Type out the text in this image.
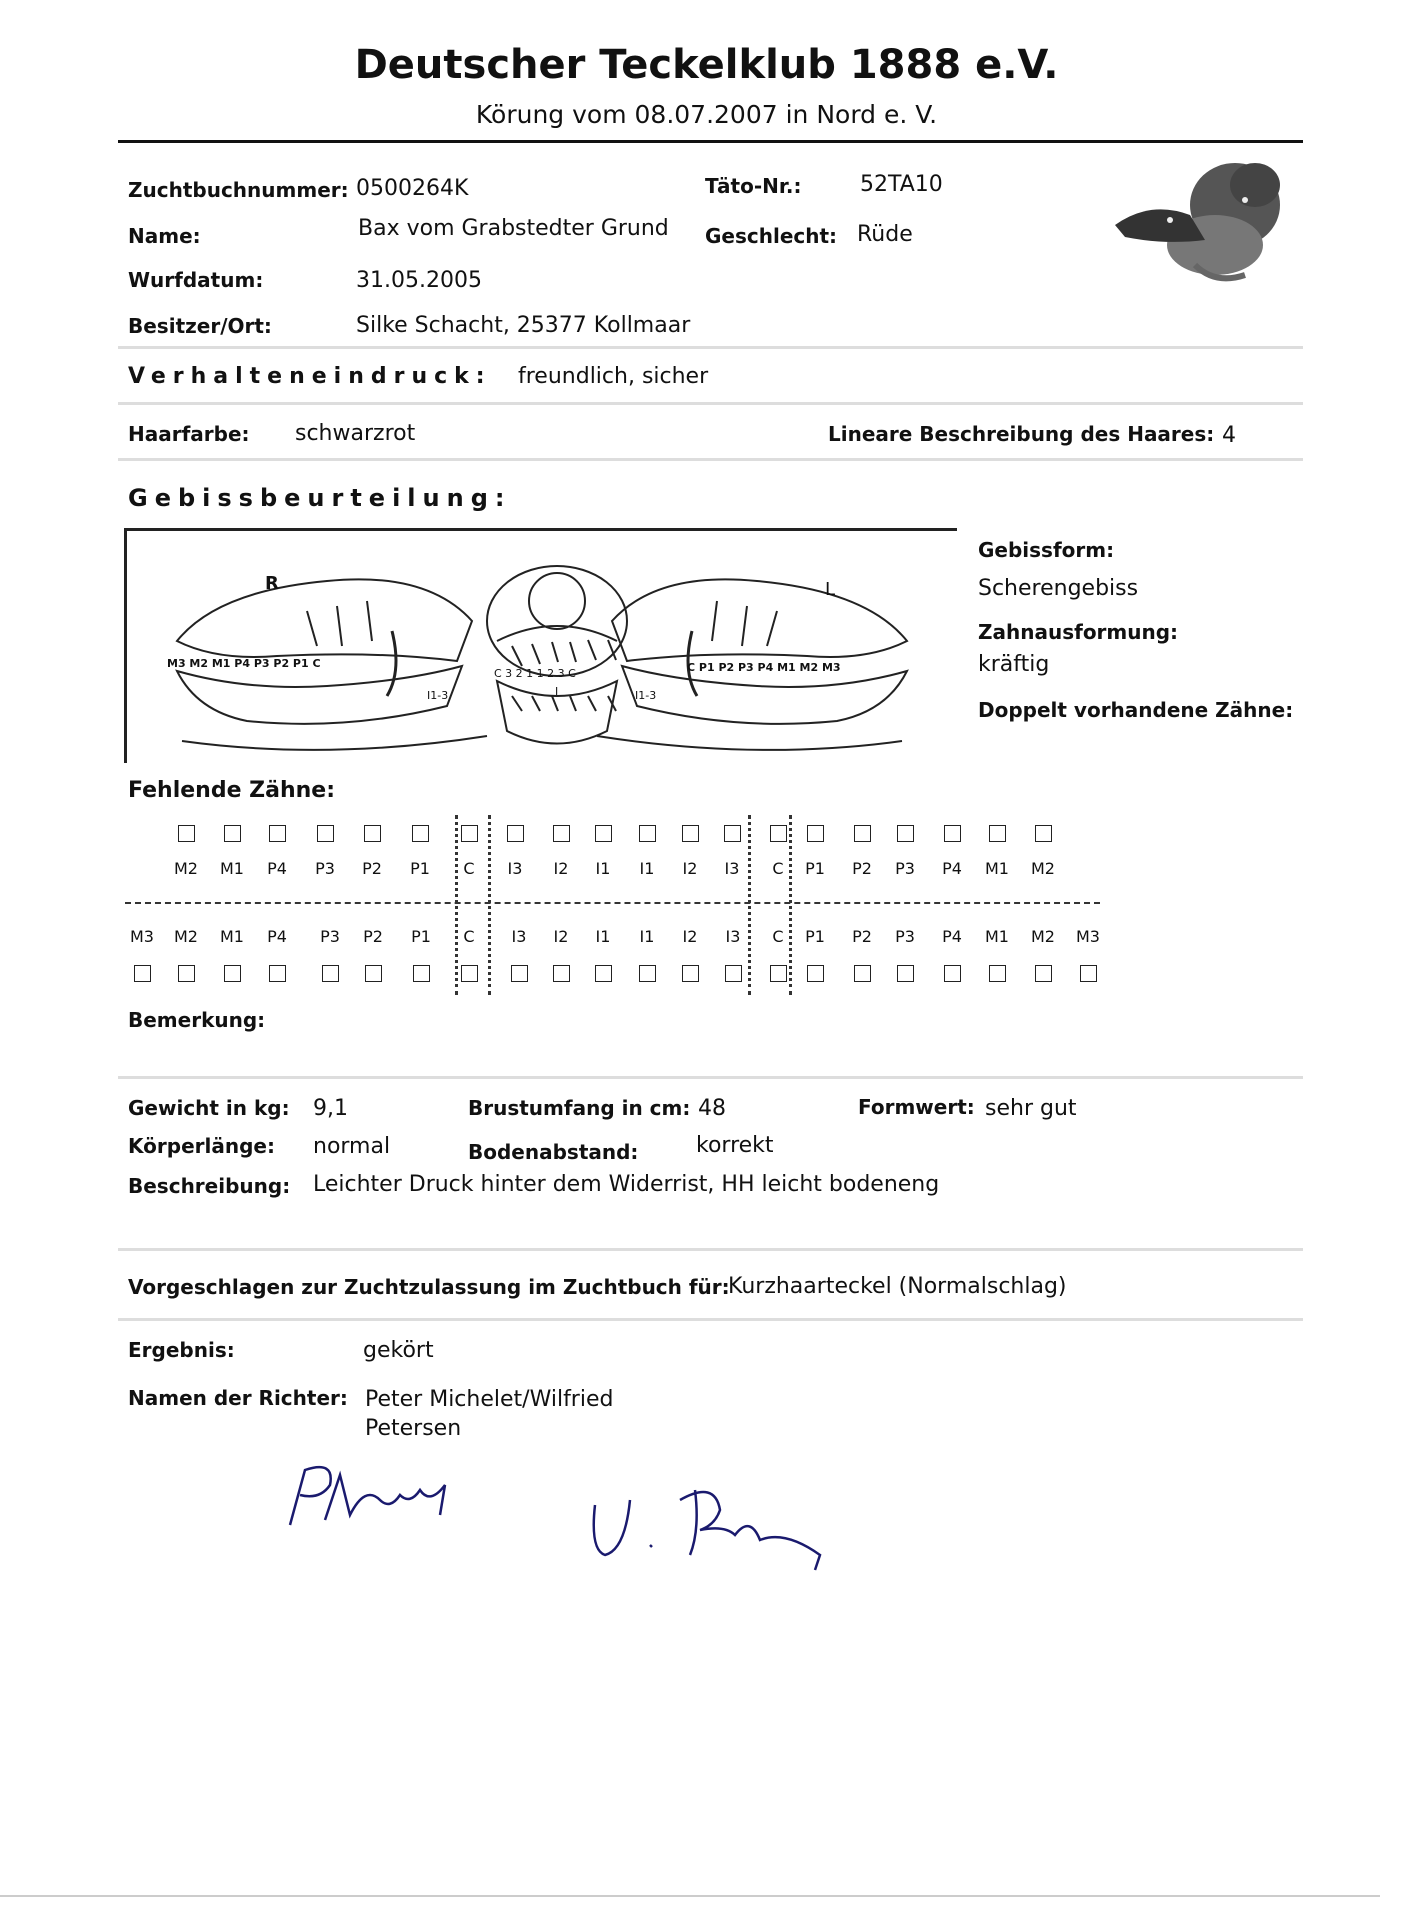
Deutscher Teckelklub 1888 e.V.
Körung vom 08.07.2007 in Nord e. V.
Zuchtbuchnummer: 0500264K	Täto-Nr.:	52TA10
Name:	Bax vom Grabstedter Grund Geschlecht: Rüde
Wurfdatum:	31.05.2005
Besitzer/Ort:	Silke Schacht, 25377 Kollmaar
Verhalteneindruck: freundlich, sicher
Haarfarbe: schwarzrot	Lineare Beschreibung des Haares: 4
Gebissbeurteilung:
R	L
M3 M2 M1 P4 P3 P2 P1 C
I1-3
C 3 2 1 1 2 3 C
I	I1-3
C P1 P2 P3 P4 M1 M2 M3
Gebissform:
Scherengebiss
Zahnausformung:
kräftig
Doppelt vorhandene Zähne:
Fehlende Zähne:
M2	M1	P4	P3	P2	P1	C	I3	I2	I1	I1	I2	I3	C	P1	P2	P3	P4	M1	M2
M3	M2	M1	P4	P3	P2	P1	C	I3	I2	I1	I1	I2	I3	C	P1	P2	P3	P4	M1	M2	M3
Bemerkung:
Gewicht in kg: 9,1	Brustumfang in cm: 48	Formwert: sehr gut
Körperlänge: normal	Bodenabstand:	korrekt
Beschreibung: Leichter Druck hinter dem Widerrist, HH leicht bodeneng
Vorgeschlagen zur Zuchtzulassung im Zuchtbuch für:
Kurzhaarteckel (Normalschlag)
Ergebnis:	gekört
Namen der Richter: Peter Michelet/Wilfried
Petersen
